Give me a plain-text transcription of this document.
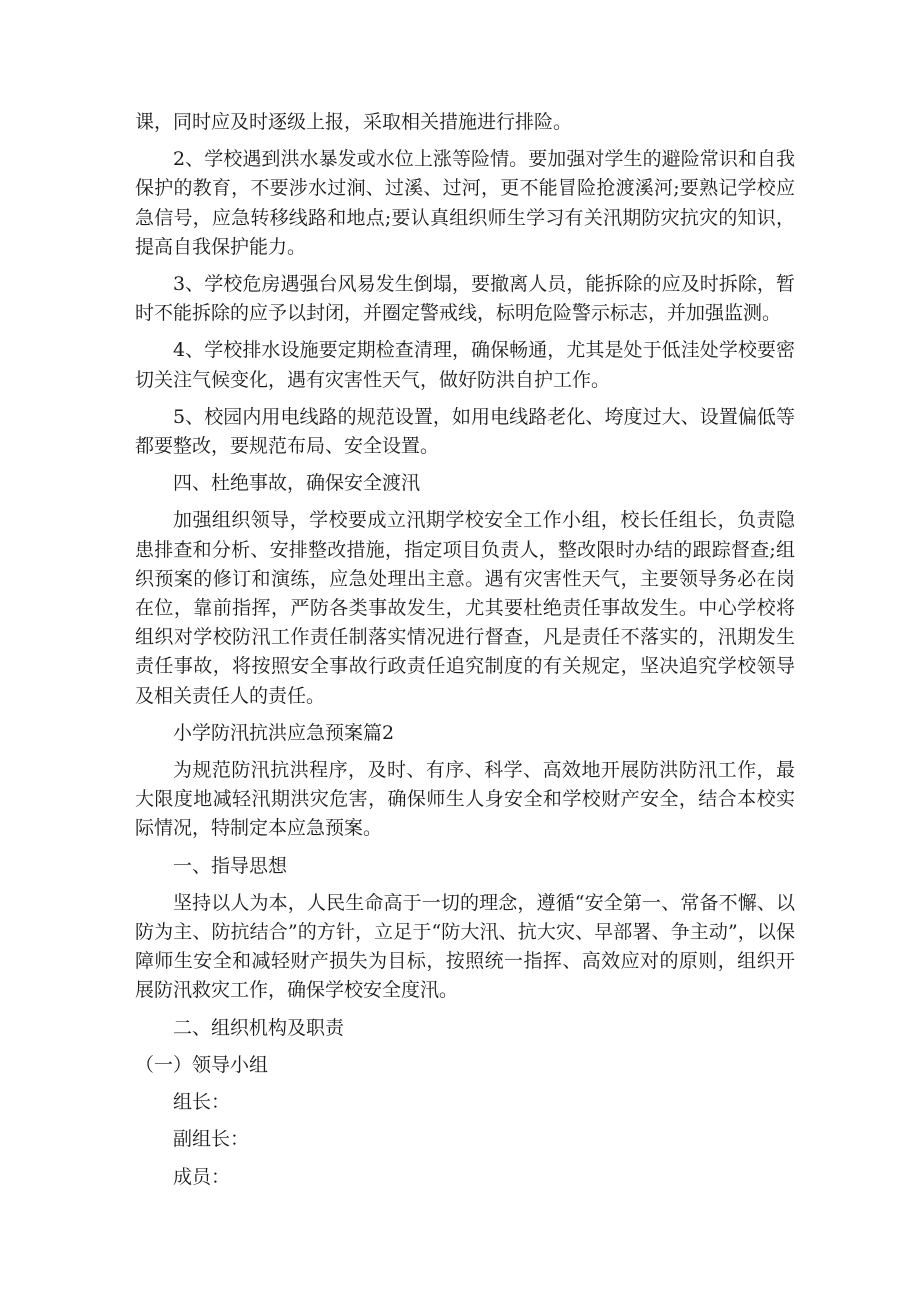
课，同时应及时逐级上报，采取相关措施进行排险。

2、学校遇到洪水暴发或水位上涨等险情。要加强对学生的避险常识和自我保护的教育，不要涉水过涧、过溪、过河，更不能冒险抢渡溪河;要熟记学校应急信号，应急转移线路和地点;要认真组织师生学习有关汛期防灾抗灾的知识，提高自我保护能力。

3、学校危房遇强台风易发生倒塌，要撤离人员，能拆除的应及时拆除，暂时不能拆除的应予以封闭，并圈定警戒线，标明危险警示标志，并加强监测。

4、学校排水设施要定期检查清理，确保畅通，尤其是处于低洼处学校要密切关注气候变化，遇有灾害性天气，做好防洪自护工作。

5、校园内用电线路的规范设置，如用电线路老化、垮度过大、设置偏低等都要整改，要规范布局、安全设置。

四、杜绝事故，确保安全渡汛

加强组织领导，学校要成立汛期学校安全工作小组，校长任组长，负责隐患排查和分析、安排整改措施，指定项目负责人，整改限时办结的跟踪督查;组织预案的修订和演练，应急处理出主意。遇有灾害性天气，主要领导务必在岗在位，靠前指挥，严防各类事故发生，尤其要杜绝责任事故发生。中心学校将组织对学校防汛工作责任制落实情况进行督查，凡是责任不落实的，汛期发生责任事故，将按照安全事故行政责任追究制度的有关规定，坚决追究学校领导及相关责任人的责任。

小学防汛抗洪应急预案篇2

为规范防汛抗洪程序，及时、有序、科学、高效地开展防洪防汛工作，最大限度地减轻汛期洪灾危害，确保师生人身安全和学校财产安全，结合本校实际情况，特制定本应急预案。

一、指导思想

坚持以人为本，人民生命高于一切的理念，遵循“安全第一、常备不懈、以防为主、防抗结合”的方针，立足于“防大汛、抗大灾、早部署、争主动”，以保障师生安全和减轻财产损失为目标，按照统一指挥、高效应对的原则，组织开展防汛救灾工作，确保学校安全度汛。

二、组织机构及职责

（一）领导小组

组长：

副组长：

成员：
